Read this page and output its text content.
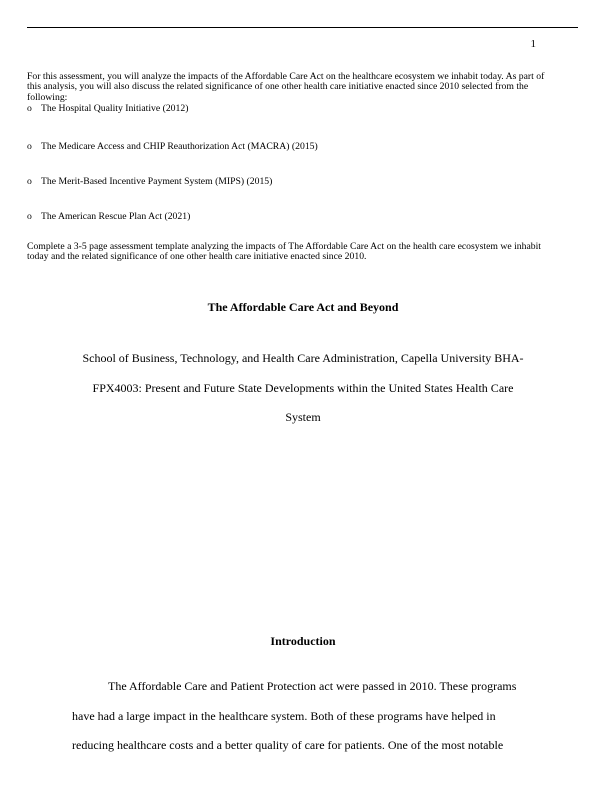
1

For this assessment, you will analyze the impacts of the Affordable Care Act on the healthcare ecosystem we inhabit today. As part of this analysis, you will also discuss the related significance of one other health care initiative enacted since 2010 selected from the following:

o The Hospital Quality Initiative (2012)
o The Medicare Access and CHIP Reauthorization Act (MACRA) (2015)
o The Merit-Based Incentive Payment System (MIPS) (2015)
o The American Rescue Plan Act (2021)

Complete a 3-5 page assessment template analyzing the impacts of The Affordable Care Act on the health care ecosystem we inhabit today and the related significance of one other health care initiative enacted since 2010.

The Affordable Care Act and Beyond

School of Business, Technology, and Health Care Administration, Capella University BHA-

FPX4003: Present and Future State Developments within the United States Health Care

System

Introduction
The Affordable Care and Patient Protection act were passed in 2010. These programs
have had a large impact in the healthcare system. Both of these programs have helped in
reducing healthcare costs and a better quality of care for patients. One of the most notable
